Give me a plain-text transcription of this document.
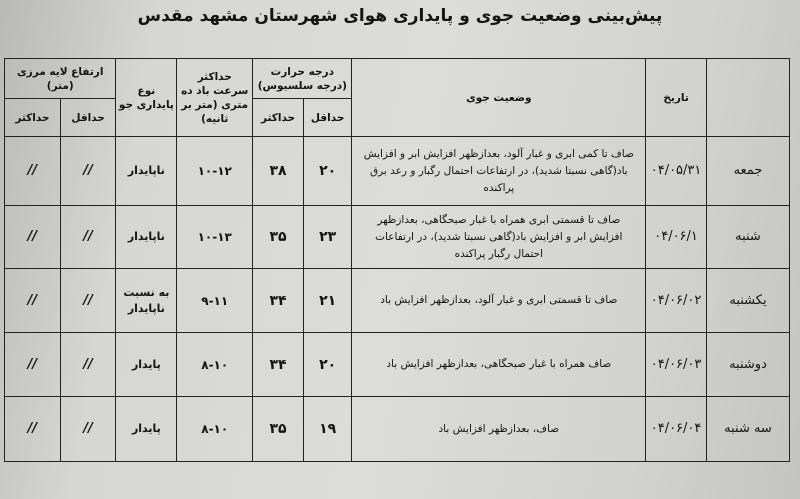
پیش‌بینی وضعیت جوی و پایداری هوای شهرستان مشهد مقدس
	تاریخ	وضعیت جوی	درجه حرارت (درجه سلسیوس)		حداکثر سرعت باد ده متری (متر بر ثانیه)	نوع پایداری جو	ارتفاع لایه مرزی (متر)	
			حداقل	حداکثر			حداقل	حداکثر
جمعه	۰۴/۰۵/۳۱	صاف تا کمی ابری و غبار آلود، بعدازظهر افزایش ابر و افزایش باد(گاهی نسبتا شدید)، در ارتفاعات احتمال رگبار و رعد برق پراکنده	۲۰	۳۸	۱۰-۱۲	ناپایدار	//	//
شنبه	۰۴/۰۶/۱	صاف تا قسمتی ابری همراه با غبار صبحگاهی، بعدازظهر افزایش ابر و افزایش باد(گاهی نسبتا شدید)، در ارتفاعات احتمال رگبار پراکنده	۲۳	۳۵	۱۰-۱۳	ناپایدار	//	//
یکشنبه	۰۴/۰۶/۰۲	صاف تا قسمتی ابری و غبار آلود، بعدازظهر افزایش باد	۲۱	۳۴	۹-۱۱	به نسبت ناپایدار	//	//
دوشنبه	۰۴/۰۶/۰۳	صاف همراه با غبار صبحگاهی، بعدازظهر افزایش باد	۲۰	۳۴	۸-۱۰	پایدار	//	//
سه شنبه	۰۴/۰۶/۰۴	صاف، بعدازظهر افزایش باد	۱۹	۳۵	۸-۱۰	پایدار	//	//
